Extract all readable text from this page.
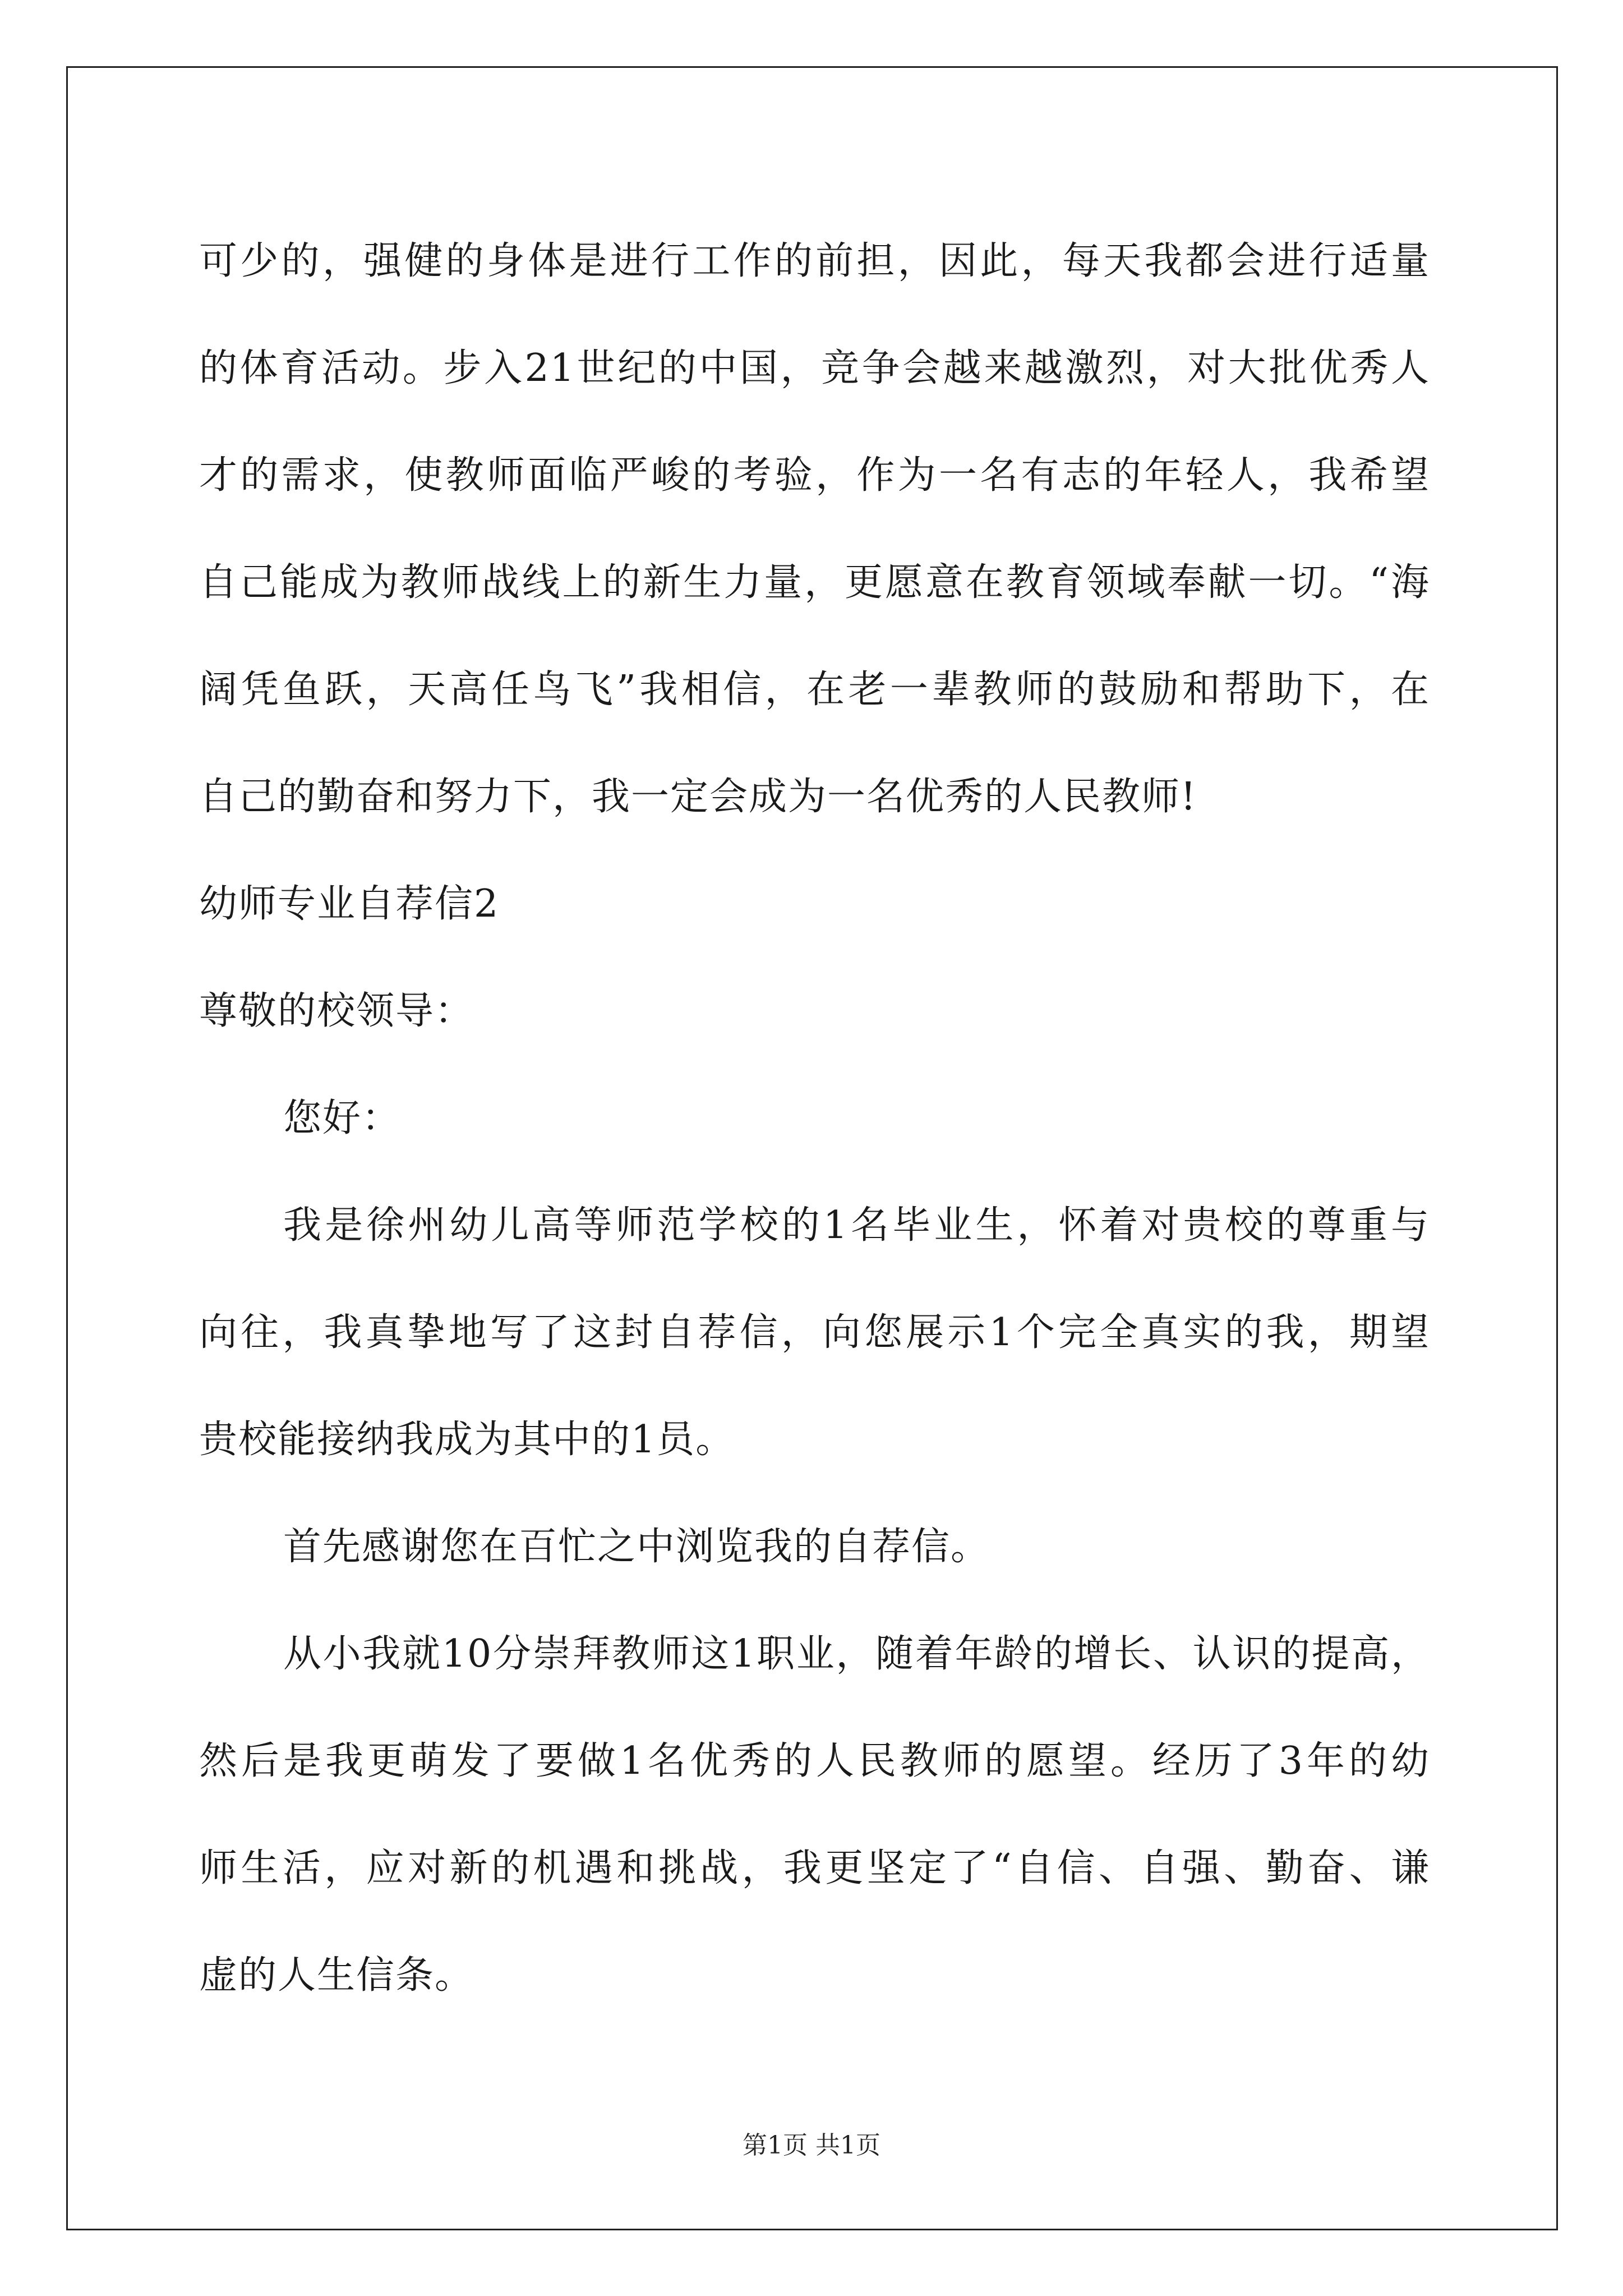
可少的，强健的身体是进行工作的前担，因此，每天我都会进行适量
的体育活动。步入21世纪的中国，竞争会越来越激烈，对大批优秀人
才的需求，使教师面临严峻的考验，作为一名有志的年轻人，我希望
自己能成为教师战线上的新生力量，更愿意在教育领域奉献一切。“海
阔凭鱼跃，天高任鸟飞”我相信，在老一辈教师的鼓励和帮助下，在
自己的勤奋和努力下，我一定会成为一名优秀的人民教师!
幼师专业自荐信2
尊敬的校领导：
您好：
我是徐州幼儿高等师范学校的1名毕业生，怀着对贵校的尊重与
向往，我真挚地写了这封自荐信，向您展示1个完全真实的我，期望
贵校能接纳我成为其中的1员。
首先感谢您在百忙之中浏览我的自荐信。
从小我就10分崇拜教师这1职业，随着年龄的增长、认识的提高，
然后是我更萌发了要做1名优秀的人民教师的愿望。经历了3年的幼
师生活，应对新的机遇和挑战，我更坚定了“自信、自强、勤奋、谦
虚的人生信条。
第1页 共1页
